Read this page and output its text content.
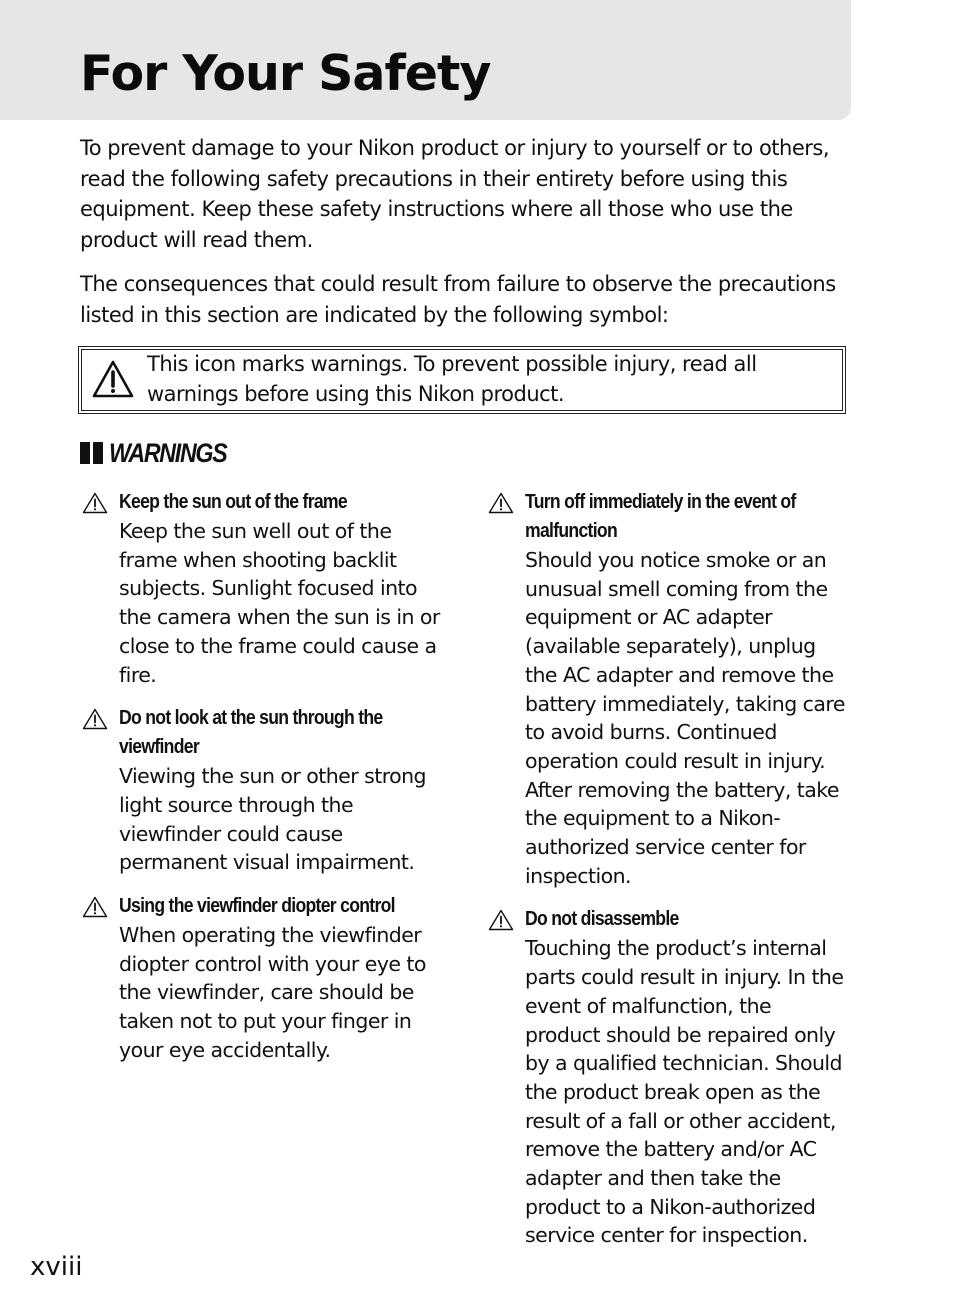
For Your Safety

To prevent damage to your Nikon product or injury to yourself or to others, read the following safety precautions in their entirety before using this equipment. Keep these safety instructions where all those who use the product will read them.

The consequences that could result from failure to observe the precautions listed in this section are indicated by the following symbol:

This icon marks warnings. To prevent possible injury, read all warnings before using this Nikon product.
WARNINGS
Keep the sun out of the frame
Keep the sun well out of the frame when shooting backlit subjects. Sunlight focused into the camera when the sun is in or close to the frame could cause a fire.
Do not look at the sun through the viewfinder
Viewing the sun or other strong light source through the viewfinder could cause permanent visual impairment.
Using the viewfinder diopter control
When operating the viewfinder diopter control with your eye to the viewfinder, care should be taken not to put your finger in your eye accidentally.
Turn off immediately in the event of malfunction
Should you notice smoke or an unusual smell coming from the equipment or AC adapter (available separately), unplug the AC adapter and remove the battery immediately, taking care to avoid burns. Continued operation could result in injury. After removing the battery, take the equipment to a Nikon-authorized service center for inspection.
Do not disassemble
Touching the product’s internal parts could result in injury. In the event of malfunction, the product should be repaired only by a qualified technician. Should the product break open as the result of a fall or other accident, remove the battery and/or AC adapter and then take the product to a Nikon-authorized service center for inspection.
xviii
